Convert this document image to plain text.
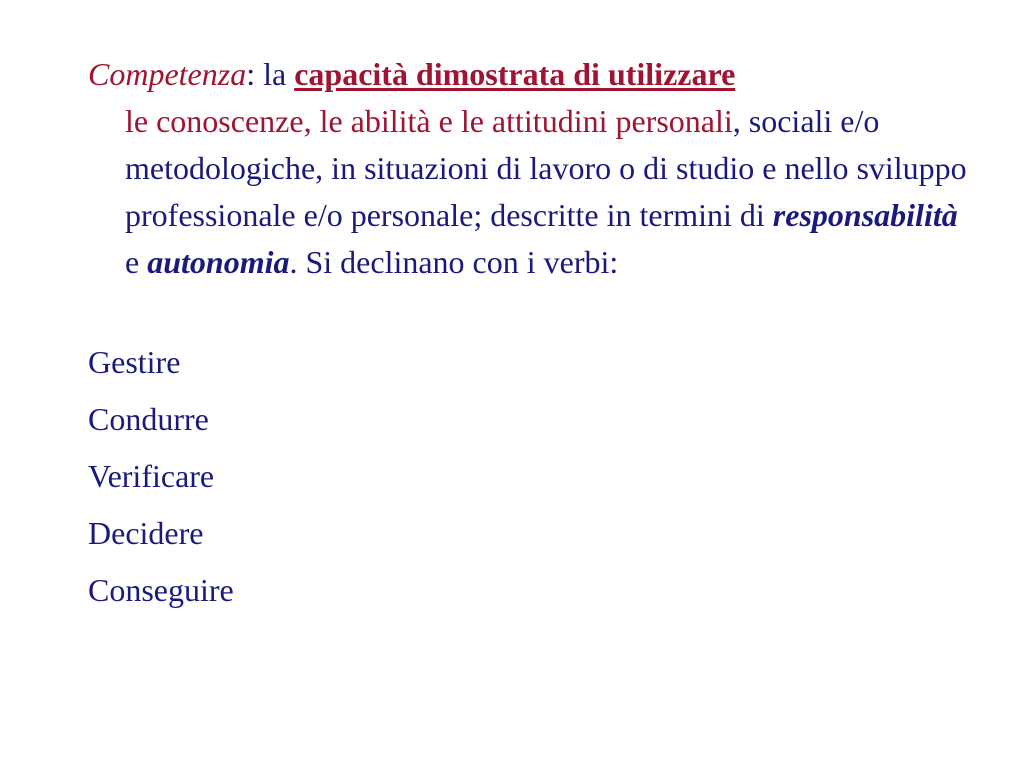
Competenza: la capacità dimostrata di utilizzare
le conoscenze, le abilità e le attitudini personali, sociali e/o metodologiche, in situazioni di lavoro o di studio e nello sviluppo professionale e/o personale; descritte in termini di responsabilità
e autonomia. Si declinano con i verbi:

Gestire
Condurre
Verificare
Decidere
Conseguire
